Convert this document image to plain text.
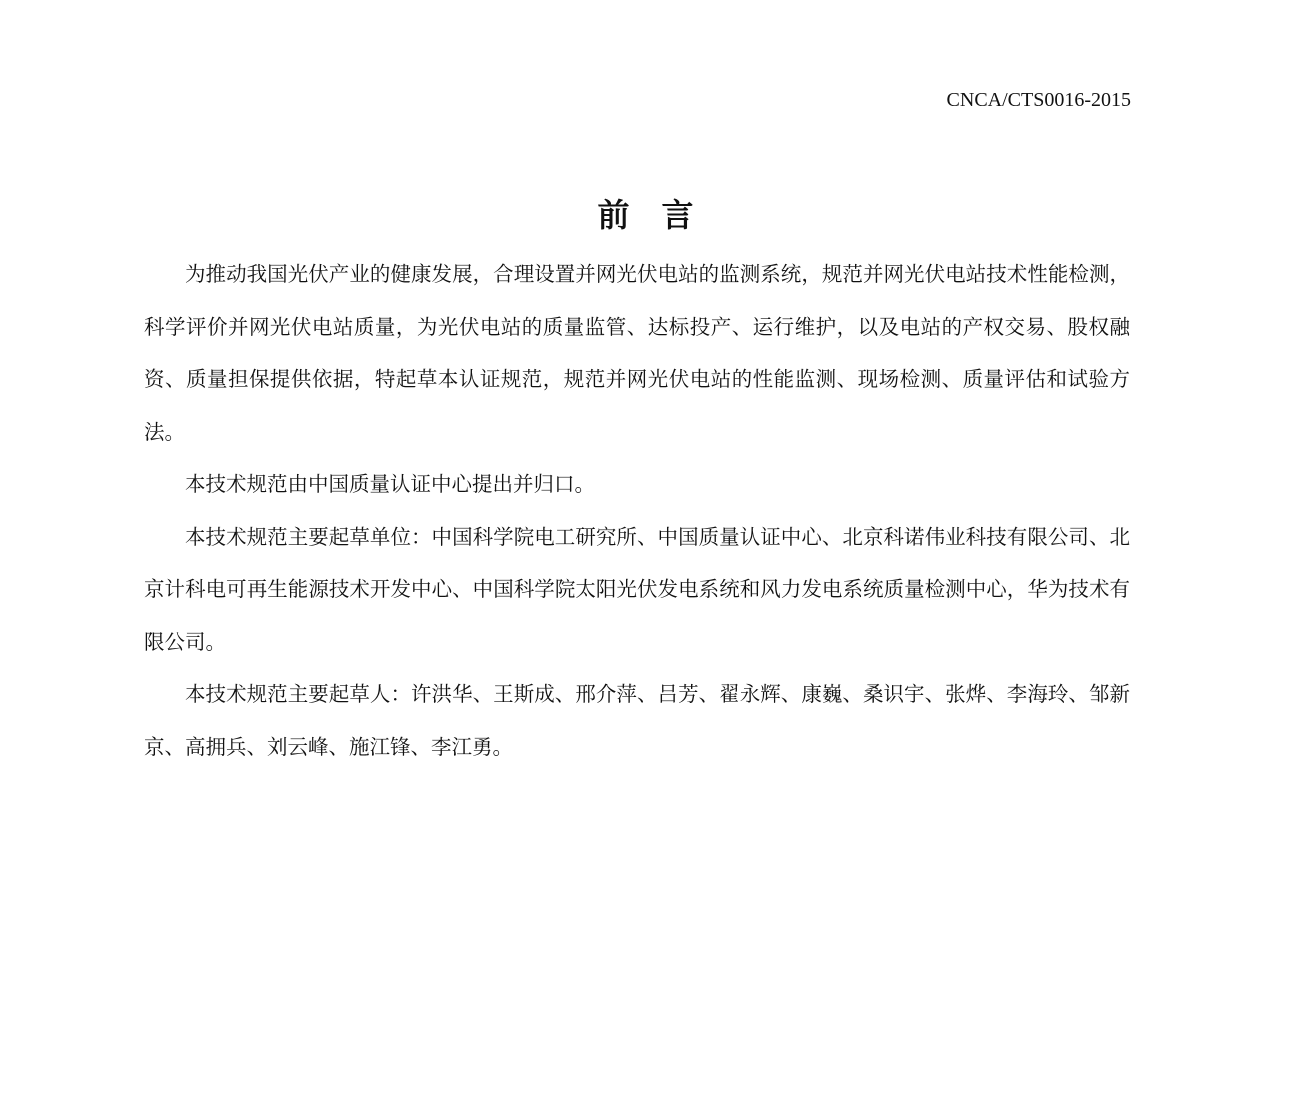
CNCA/CTS0016-2015
前言

为推动我国光伏产业的健康发展，合理设置并网光伏电站的监测系统，规范并网光伏电站技术性能检测，科学评价并网光伏电站质量，为光伏电站的质量监管、达标投产、运行维护，以及电站的产权交易、股权融资、质量担保提供依据，特起草本认证规范，规范并网光伏电站的性能监测、现场检测、质量评估和试验方法。

本技术规范由中国质量认证中心提出并归口。

本技术规范主要起草单位：中国科学院电工研究所、中国质量认证中心、北京科诺伟业科技有限公司、北京计科电可再生能源技术开发中心、中国科学院太阳光伏发电系统和风力发电系统质量检测中心，华为技术有限公司。

本技术规范主要起草人：许洪华、王斯成、邢介萍、吕芳、翟永辉、康巍、桑识宇、张烨、李海玲、邹新京、高拥兵、刘云峰、施江锋、李江勇。
